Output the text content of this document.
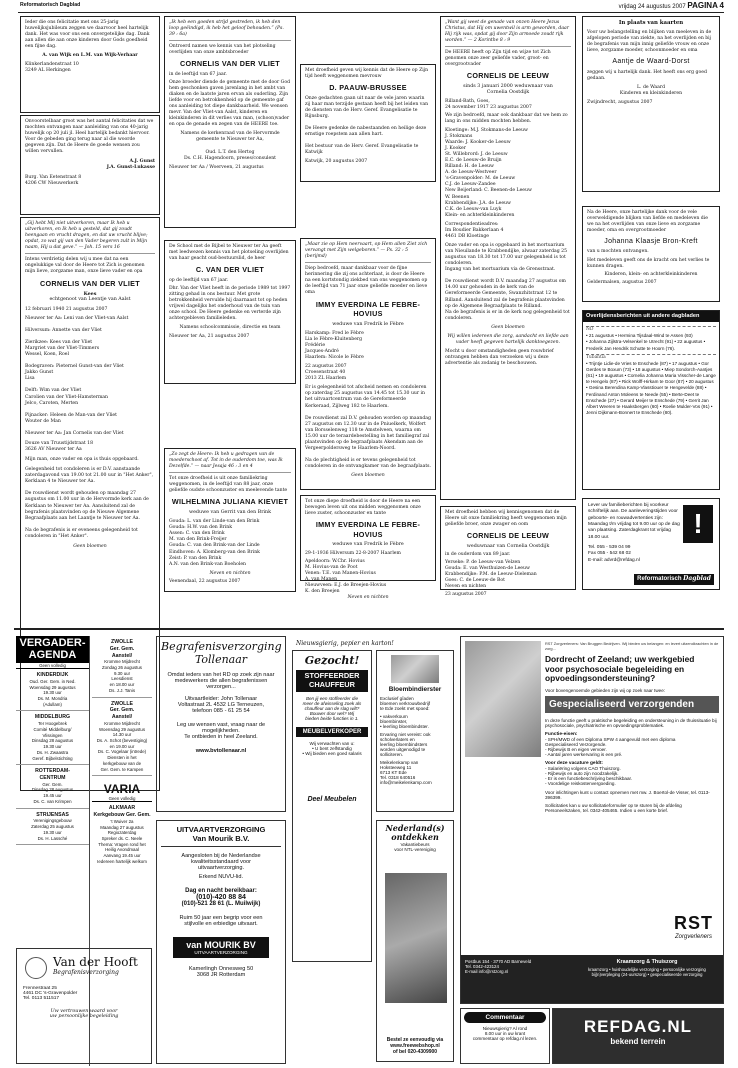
Reformatorisch Dagblad	vrijdag 24 augustus 2007 PAGINA 4
Ieder die ons felicitatie met ons 25-jarig huwelijksjubileum zeggen we daarvoor heel hartelijk dank. Het was voor ons een onvergetelijke dag. Dank aan allen die aan onze kinderen door Gods goedheid een fijne dag.
A. van Wijk en L.M. van Wijk-Verhaar
Klinkerlandenstraat 10
3249 AL Herkingen
Onvoorstelbaar groot was het aantal felicitaties dat we mochten ontvangen naar aanleiding van ons 40-jarig huwelijk op 20 juli jl. Heel hartelijk bedankt hiervoor. Voor de gebeden ging terug naar al die woorde gegeven zijn. Dat de Heere de goede wensen zou willen vervullen.
A.J. Gunst
J.A. Gunst-Lukasse
Burg. Van Eetenstraat 8
4206 CW Nieuwerkerk
„Gij hebt Mij niet uitverkoren, maar Ik heb u uitverkoren, en Ik heb u gesteld, dat gij zoudt heengaan en vrucht dragen, en dat uw vrucht blijve; opdat, zo wat gij van den Vader begeren zult in Mijn naam, Hij u dat geve.” — Joh. 15 vers 16
Intens verdrietig delen wij u mee dat na een ongelukkige val door de Heere tot Zich is genomen mijn lieve, zorgzame man, onze lieve vader en opa
CORNELIS VAN DER VLIET
Kees
echtgenoot van Leentje van Aalst
12 februari 1940 21 augustus 2007
Nieuwer ter Aa: Leni van der Vliet-van Aalst

Hilversum: Annette van der Vliet

Zierikzee: Kees van der Vliet
Margriet van der Vliet-Timmers
Wessel, Koen, Roel

Bodegraven: Pieternel Gunst-van der Vliet
Jakko Gunst
Lisa

Delft: Wim van der Vliet
Carolien van der Vliet-Hamsterman
Jelco, Caroten, Merten

Pijnacker: Heleen de Man-van der Vliet
Wouter de Man

Nieuwer ter Aa: Jan Cornelis van der Vliet
Douze van Truustijdstraat 18
3626 AV Nieuwer ter Aa
Mijn man, onze vader en opa is thuis opgebaard.
Gelegenheid tot condoleren is er D.V. aanstaande zaterdagavond van 19.00 tot 21.00 uur in "Het Anker", Kerklaan 4 te Nieuwer ter Aa.

De rouwdienst wordt gehouden op maandag 27 augustus om 11.00 uur in de Hervormde kerk aan de Kerklaan te Nieuwer ter Aa. Aansluitend zal de begrafenis plaatsvinden op de Nieuwe Algemene Begraafplaats aan het Laantje te Nieuwer ter Aa.

Na de begrafenis is er eveneens gelegenheid tot condoleren in "Het Anker".
Geen bloemen
„Ik heb een goeden strijd gestreden, ik heb den loop geëindigd, ik heb het geloof behouden.” (Ps. 39 : 6a)
Ontroerd namen we kennis van het plotseling overlijden van onze ambtsbroeder
CORNELIS VAN DER VLIET
in de leeftijd van 67 jaar.
Onze broeder diende de gemeente met de door God hem geschonken gaven jarenlang in het ambt van diaken en de laatste jaren ervan als ouderling. Zijn liefde voor en betrokkenheid op de gemeente gaf ons aanleiding tot diepe dankbaarheid. We wensen mevr. Van der Vliet-van Aalst, kinderen en kleinkinderen in dit verlies van man, (schoon)vader en opa de genade en zegen van de HEERE toe.
Namens de kerkenraad van de Hervormde gemeente te Nieuwer ter Aa,

Oud. L.T. den Hertog
Ds. C.H. Hagendoorn, preses/consulent
Nieuwer ter Aa / Woerveen, 21 augustus
De School met de Bijbel te Nieuwer ter Aa geeft met leedwezen kennis van het plotseling overlijden van haar geacht oud-bestuurslid, de heer
C. VAN DER VLIET
op de leeftijd van 67 jaar.
Dhr. Van der Vliet heeft in de periode 1989 tot 1997 zitting gehad in ons bestuur. Met grote betrokkenheid vervulde hij daarnaast tot op heden vrijwel dagelijks het onderhoud van de tuin van onze school. De Heere gedenke en verterde zijn achtergebleven familieleden.
Namens schoolcommissie, directie en team
Nieuwer ter Aa, 21 augustus 2007
„Zo zegt de Heere: Ik heb u gedragen van de moederschoot af. Tot in de ouderdom toe, was Ik Dezelfde.” — naar Jesaja 46 : 3 en 4
Tot onze droefheid is uit onze familiekring weggenomen, in de leeftijd van 88 jaar, onze geliefde oudste schoonzuster en meelevende tante
WILHELMINA JULIANA KIEVIET
weduwe van Gerrit van den Brink
Gouda: L. van der Linde-van den Brink
Gouda: H.W. van den Brink
Assen: C. van den Brink
M. van den Brink-Freijer
Gouda: C. van den Brink-van der Linde
Eindhoven: A. Klomberg-van den Brink
Zeist: P. van den Brink
A.N. van den Brink-van Boeholen
Neven en nichten
Veenendaal, 22 augustus 2007
Met droefheid geven wij kennis dat de Heere op Zijn tijd heeft weggenomen mevrouw
D. PAAUW-BRUSSEE
Onze gedachten gaan uit naar de vele jaren waarin zij haar man terzijde gestaan heeft bij het leiden van de diensten van de Herv. Geref. Evangelisatie te Rijnsburg.

De Heere gedenke de nabestaanden en heilige deze ernstige roepstem aan allen hart.

Het bestuur van de Herv. Geref. Evangelisatie te Katwijk
Katwijk, 20 augustus 2007
„Maar zie op Hem neervaart, op Hem allen Ziet zich vervangt met Zijn welgeboren.” — Ps. 32 : 5 (berijmd)
Diep bedroefd, maar dankbaar voor de fijne herinnering die zij ons achterlaat, is door de Heere na een kortstondig ziekbed van ons weggenomen op de leeftijd van 71 jaar onze geliefde moeder en lieve oma
IMMY EVERDINA LE FEBRE-HOVIUS
weduwe van Fredrik le Fèbre
Harskamp: Fred le Fèbre
Lia le Fèbre-Kluitenberg
Frédérie
Jacques-André
Haarlem: Nicole le Fèbre
22 augustus 2007
Croesenstraat 40
2013 ZL Haarlem
Er is gelegenheid tot afscheid nemen en condoleren op zaterdag 25 augustus van 14.45 tot 15.30 uur in het uitvaartcentrum van de Gereformeerde Kerkeraad, Zijlweg 182 te Haarlem.

De rouwdienst zal D.V. gehouden worden op maandag 27 augustus om 12.30 uur in de Pniuelkerk, Wolfert van Borsselenweg 118 te Amstelveen, waarna om 15.00 uur de teraardebestelling in het familiegraf zal plaatsvinden op de begraafplaats Akendam aan de Vergeerpoldersweg te Haarlem-Noord.

Na de plechtigheid is er tevens gelegenheid tot condoleren in de ontvangkamer van de begraafplaats.
Geen bloemen
Tot onze diepe droefheid is door de Heere na een bewogen leven uit ons midden weggenomen onze lieve zuster, schoonzuster en tante
IMMY EVERDINA LE FEBRE-HOVIUS
weduwe van Fredrik le Fèbre
29-1-1936 Hilversum 22-8-2007 Haarlem
Apeldoorn: W.Chr. Hovius
M. Hovius-van de Poot
Venen: T.E. van Manen-Hovius
A. van Manen
Nieuwveen: E.J. de Breejen-Hovius
K. den Breejen
Neven en nichten
„Want gij weet de genade van onzen Heere Jezus Christus, dat Hij om uwentwil is arm geworden, daar Hij rijk was, opdat gij door Zijn armoede zoudt rijk worden.” — 2 Korinthe 8 : 9
De HEERE heeft op Zijn tijd en wijze tot Zich genomen onze zeer geliefde vader, groot- en overgrootvader
CORNELIS DE LEEUW
sinds 3 januari 2000 weduwnaar van
Cornelia Oostdijk
Rilland-Bath, Goes,
24 november 1917 23 augustus 2007
We zijn bedroefd, maar ook dankbaar dat we hem zo lang in ons midden mochten hebben.
Kloetinge: M.J. Stokmans-de Leeuw
J. Stokmans
Waarde: J. Kooker-de Leeuw
J. Kooker
St. Willebrord: J. de Leeuw
E.C. de Leeuw-de Bruijn
Rilland: H. de Leeuw
A. de Leeuw-Westveer
's-Gravenpolder: M. de Leeuw
C.J. de Leeuw-Zandee
New Beijerland: C. Beenen-de Leeuw
W. Beenen
Krabbendijke: J.A. de Leeuw
C.K. de Leeuw-van Luyk
Klein- en achterkleinkinderen
Correspondentieadres:
Im Boudier Bakkerlaan 4
4461 DB Kloetinge
Onze vader en opa is opgebaard in het mortuarium van Nieuilande te Krabbendijke, alwaar zaterdag 25 augustus van 18.30 tot 17.00 uur gelegenheid is tot condoleren.
Ingang van het mortuarium via de Grensstraat.

De rouwdienst wordt D.V. maandag 27 augustus om 14.00 uur gehouden in de kerk van de Gereformeerde Gemeente, Swanzhitstraat 12 te Rilland. Aansluitend zal de begrafenis plaatsvinden op de Algemene Begraafplaats te Rilland.
Na de begrafenis is er in de kerk nog gelegenheid tot condoleren.
Geen bloemen
Wij willen iedereen die zorg, aandacht en liefde aan vader heeft gegeven hartelijk danktoegezen.
Mocht u door omstandigheden geen rouwbrief ontvangen hebben dan verzoeken wij u deze advertentie als zodanig te beschouwen.
Met droefheid hebben wij kennisgenomen dat de Heere uit onze familiekring heeft weggenomen mijn geliefde broer, onze zwager en oom
CORNELIS DE LEEUW
weduwnaar van Cornelia Oostdijk
in de ouderdom van 89 jaar.
Yerseke: P. de Leeuw-van Velzen
Gouda: E. van Westhuizen-de Leeuw
Krabbendijke: P.M. de Leeuw-Dieleman
Goes: C. de Leeuw-de Bot
Neven en nichten
23 augustus 2007
In plaats van kaarten
Voor uw belangstelling en blijken van meeleven in de afgelopen periode van ziekte, na het overlijden en bij de begrafenis van mijn innig geliefde vrouw en onze lieve, zorgzame moeder, schoonmoeder en oma
Aantje de Waard-Dorst
zeggen wij u hartelijk dank. Het heeft ons erg goed gedaan.
L. de Waard
Kinderen en kleinkinderen
Zwijndrecht, augustus 2007
Na de Heere, onze hartelijke dank voor de vele overweldigende blijken van liefde en medeleven die we na het overlijden van onze lieve en zorgzame moeder, oma en overgrootmoeder
Johanna Klaasje Bron-Kreft
van u mochten ontvangen.
Het medeleven geeft ons de kracht om het verlies te kunnen dragen.
Kinderen, klein- en achterkleinkinderen
Geldermalsen, augustus 2007
Overlijdensberichten uit andere dagbladen
ND
• 21 augustus • Hermina Tijsdaal-Wind te Assen (93)
• Johanna Zijlstra-Velsenkel te Utrecht (91) • 22 augustus • Frederik Jan Hendrik Schutte te Hoorn (76).
Tubantia
• Trijntje Lidie-de Vries te Enschede (87) • 17 augustus • Gor Gerdes te Boxum (73) • 18 augustus • Miep Sondorch-Aantjes (61) • 19 augustus • Cornelia Johanna Maria Visscher-de Lange te Hengelo (87) • Rick Wolff-Hirkam te Goor (87) • 20 augustus • Gesina Berendina Kamp-Vlasstiouer te Hengevelde (88) • Ferdinand Anton Moleens te Neede (55) • Berte-Deet te Enschede (27) • Gerard Meijer te Enschede (79) • Gerrit Jan Albert Weeren te Haaksbergen (60) • Roelie Mulder-Vos (91) • Jenni Dijkmann-Bonnert te Enschede (80).
!
Lever uw familieberichten bij voorkeur schriftelijk aan. De aanleveringstijden voor geboorte- en rouwadvertenties zijn: Maandag t/m vrijdag tot 9.00 uur op de dag van plaatsing. Zaterdagkrant tot vrijdag 18.00 uur.
Tel. 055 - 539 04 99
Fax 055 - 542 68 02
E-mail: advrd@refdag.nl
Reformatorisch Dagblad
VERGADER-
AGENDA
Geen volledig
KINDERDIJK
Oud. Ger. Gem. in Ned.
Woensdag 29 augustus
19.30 uur
Ds. M. Mondria
(Adullam)
MIDDELBURG
Ter Hoogebrek
Comité Middelburg/
Vlissingen
Dinsdag 28 augustus
19.30 uur
Ds. H. Zwaastra
Geref. Bijbelstichting
ROTTERDAM-
CENTRUM
Ger. Gem.
Dinsdag 28 augustus
19.45 uur
Ds. C. van Krimpen
STRIJENSAS
Verenigingsgebouw
Zaterdag 25 augustus
19.30 uur
Ds. H. Lassché
ZWOLLE
Ger. Gem.
Aanstel/
Kromme Mijdrecht
Zondag 26 augustus
9.30 uur
Leesdienst
en 18.00 uur
Ds. J.J. Tanis
ZWOLLE
Ger. Gem.
Aanstel/
Kromme Mijdrecht
Woensdag 29 augustus
14.30 uur
Ds. A. Schot (bevestiging)
en 19.00 uur
Ds. C. Vogelaar (intrede)
Diensten in het
kerkgebouw van de
Ger. Gem. te Kampen
VARIA
Geen volledig
ALKMAAR
Kerkgebouw Ger. Gem.
't Wuiver 2a
Maandag 27 augustus
Regiozaterdag
Spreker ds. C. Neele
Thema: Vragen rond het
Heilig Avondmaal
Aanvang 19.45 uur
Iedereen hartelijk welkom
Van der Hooft
Begrafenisverzorging
Frennestraat 25
4461 DC 's-Gravenpolder
Tel. 0113 511517
Uw vertrouwen waard voor
uw persoonlijke begeleiding
Begrafenisverzorging
Tollenaar
Omdat ieders van het RD op zoek zijn naar medewerkers die allen begrafenissen verzorgen...
Uitvaartleider: John Tollenaar
Voltastraat 2L 4532 LG Terneuzen,
telefoon 085 - 61 25 54
Leg uw wensen vast, vraag naar de
mogelijkheden.
Te ontbieden in heel Zeeland.
www.bvtollenaar.nl
UITVAARTVERZORGING
Van Mourik B.V.
Aangesloten bij de Nederlandse
kwaliteitsstandaard voor
uitvaartverzorging.
Erkend NUVU-lid.
Dag en nacht bereikbaar:
(010)-420 88 84
(010)-521 28 61 (L. Muilwijk)
Ruim 50 jaar een begrip voor een
stijlvolle en erbiedige uitvaart.
van MOURIK BV
UITVAARTVERZORGING
Kamerlingh Onnesweg 50
3068 JR Rotterdam
Gezocht!
STOFFEERDER
CHAUFFEUR
Ben jij een stoffeerder die
meer de afwisseling zoek als
chauffeur aan de slag wilt?
Bouwer door wel? Wij
bieden beide functies in 1.
MEUBELVERKOPER
Wij verwachten van u:
• U bent zelfstandig
• Wij bieden een goed salaris
Deel Meubelen
Nieuwsgierig, pepier en karton!
Bloembindierster
Exclusief gîaden
bloemen verkrouwbedrijf
te Ede zoekt met spoed:
• vakverkoum
bloembinster,
• leerling bloembindster.
Ervaring niet vereist: ook
scholverlaters en
leerling bloembindsters
worden uitgenodigd te
solliciteren.
Meikelenkamp van
Hoksteeweg 11
6713 KT Ede
Tel. 0318 640516
info@meikelenkamp.com
Nederland(s)
ontdekken
Vakantiebeurs
voor NTL-vereniging
Bestel ze eenvoudig via
www.freewebshop.nl
of bel 020-4309900
RST Zorgverleners: Van Bruggen Bedrijven. Wij bieden uw belangen: en levert uitzendkrachten in de zorg...
Dordrecht of Zeeland; uw werkgebied
voor psychosociale begeleiding en
opvoedingsondersteuning?
Voor bovengenoemde gebieden zijn wij op zoek naar twee:
Gespecialiseerd verzorgenden
In deze functie geeft u praktische begeleiding en ondersteuning in de thuissituatie bij psychosociale, psychiatrische en opvoedingsproblematiek.
Functie-eisen:
- SPH/MWD of een Diploma SPW 4 aangevuld met een diploma
Gespecialiseerd Verzorgende.
- Rijbewijs B en eigen vervoer.
- Aantal jaren werkervaring is een pré.
Voor deze vacature geldt:
- Salariëring volgens CAO Thuiszorg.
- Rijbewijs en auto zijn noodzakelijk.
- Er is een functiebeschrijving beschikbaar.
- Voordelige reiskostenvergoeding.
Voor inlichtingen kunt u contact opnemen met mw. J. Boertol-de Visser, tel. 0113-396399.
Sollicitaties kan u uw sollicitatieformulier op te sturen bij de afdeling Personeelszaken, tel. 0342-405465. Indien u een korte brief.
RST
Zorgverleners
Postbus 154 · 3770 AD Barneveld
Tel. 0342-423124
E-mail info@rstzorg.nl
Kraamzorg & Thuiszorg
kraamzorg • huishoudelijke verzorging • persoonlijke verzorging
bij(n)verpleging (24-uurszorg) • gespecialiseerde verzorging
Commentaar
Nieuwsgierig? Al rond
8.00 uur in uw krant
commentaar op refdag.nl lezen.
REFDAG.NL
bekend terrein
